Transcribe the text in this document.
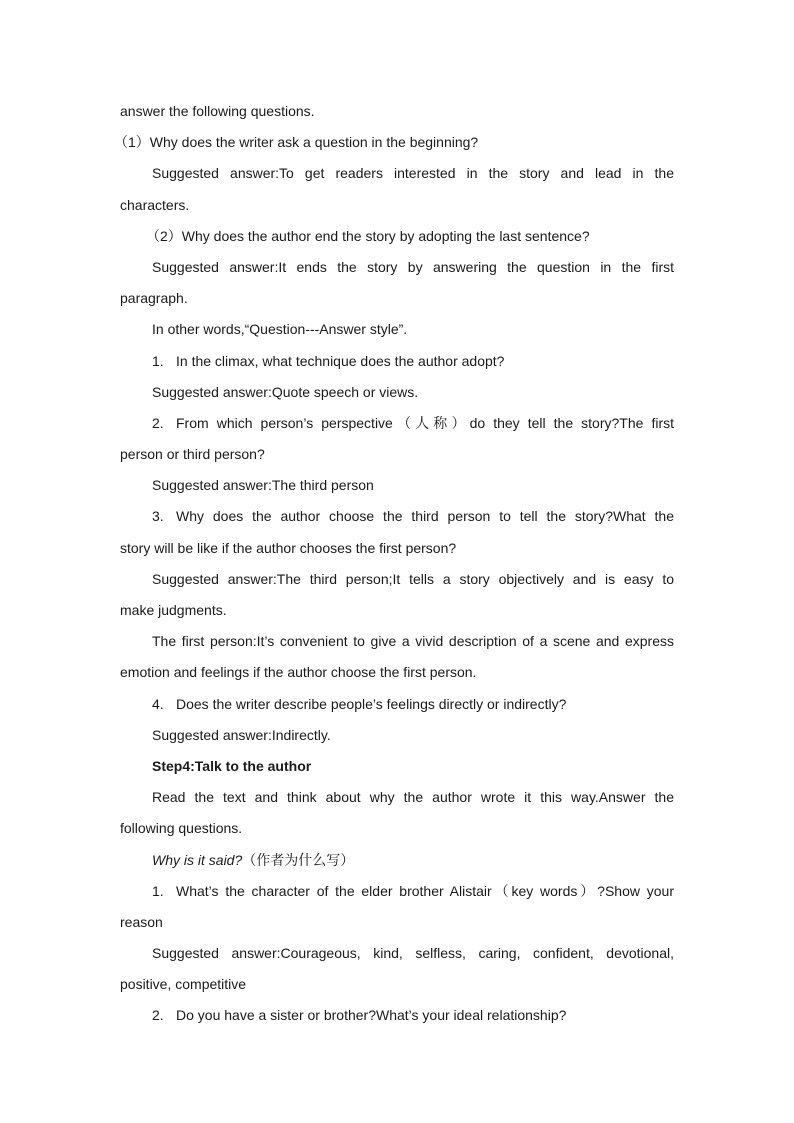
answer the following questions.
（1）Why does the writer ask a question in the beginning?
Suggested answer:To get readers interested in the story and lead in the
characters.
（2）Why does the author end the story by adopting the last sentence?
Suggested answer:It ends the story by answering the question in the first
paragraph.
In other words,“Question---Answer style”.
1. In the climax, what technique does the author adopt?
Suggested answer:Quote speech or views.
2. From which person’s perspective（人称）do they tell the story?The first
person or third person?
Suggested answer:The third person
3. Why does the author choose the third person to tell the story?What the
story will be like if the author chooses the first person?
Suggested answer:The third person;It tells a story objectively and is easy to
make judgments.
The first person:It’s convenient to give a vivid description of a scene and express
emotion and feelings if the author choose the first person.
4. Does the writer describe people’s feelings directly or indirectly?
Suggested answer:Indirectly.
Step4:Talk to the author
Read the text and think about why the author wrote it this way.Answer the
following questions.
Why is it said?（作者为什么写）
1. What’s the character of the elder brother Alistair（key words）?Show your
reason
Suggested answer:Courageous, kind, selfless, caring, confident, devotional,
positive, competitive
2. Do you have a sister or brother?What’s your ideal relationship?
